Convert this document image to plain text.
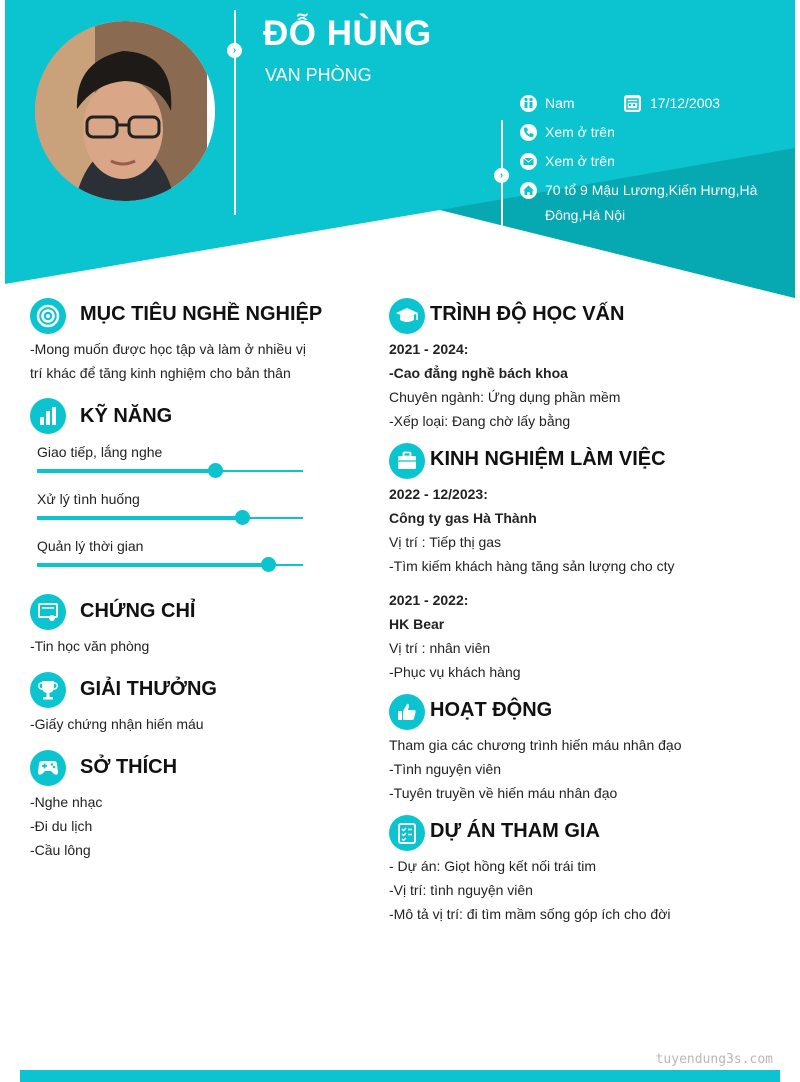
› ĐỖ HÙNG
VAN PHÒNG
›
Nam	17/12/2003
Xem ở trên
Xem ở trên
70 tổ 9 Mậu Lương,Kiến Hưng,Hà
Đông,Hà Nội
MỤC TIÊU NGHỀ NGHIỆP
-Mong muốn được học tập và làm ở nhiều vị
trí khác để tăng kinh nghiệm cho bản thân
KỸ NĂNG
Giao tiếp, lắng nghe
Xử lý tình huống
Quản lý thời gian
CHỨNG CHỈ
-Tin học văn phòng
GIẢI THƯỞNG
-Giấy chứng nhận hiến máu
SỞ THÍCH
-Nghe nhạc
-Đi du lịch
-Cầu lông
TRÌNH ĐỘ HỌC VẤN
2021 - 2024:
-Cao đẳng nghề bách khoa
Chuyên ngành: Ứng dụng phần mềm
-Xếp loại: Đang chờ lấy bằng
KINH NGHIỆM LÀM VIỆC
2022 - 12/2023:
Công ty gas Hà Thành
Vị trí : Tiếp thị gas
-Tìm kiếm khách hàng tăng sản lượng cho cty
2021 - 2022:
HK Bear
Vị trí : nhân viên
-Phục vụ khách hàng
HOẠT ĐỘNG
Tham gia các chương trình hiến máu nhân đạo
-Tình nguyện viên
-Tuyên truyền về hiến máu nhân đạo
DỰ ÁN THAM GIA
- Dự án: Giọt hồng kết nối trái tim
-Vị trí: tình nguyện viên
-Mô tả vị trí: đi tìm mầm sống góp ích cho đời
tuyendung3s.com
